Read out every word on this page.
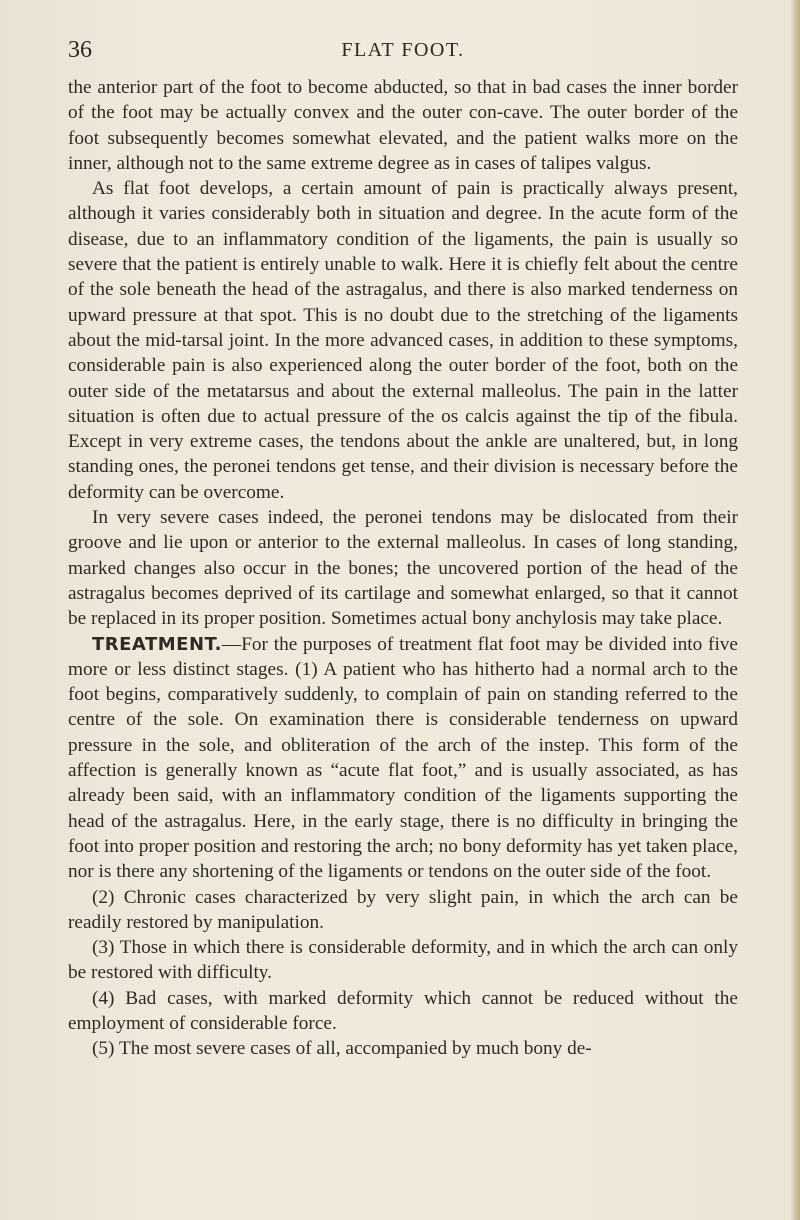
36	FLAT FOOT.

the anterior part of the foot to become abducted, so that in bad cases the inner border of the foot may be actually convex and the outer con-cave. The outer border of the foot subsequently becomes somewhat elevated, and the patient walks more on the inner, although not to the same extreme degree as in cases of talipes valgus.

As flat foot develops, a certain amount of pain is practically always present, although it varies considerably both in situation and degree. In the acute form of the disease, due to an inflammatory condition of the ligaments, the pain is usually so severe that the patient is entirely unable to walk. Here it is chiefly felt about the centre of the sole beneath the head of the astragalus, and there is also marked tenderness on upward pressure at that spot. This is no doubt due to the stretching of the ligaments about the mid-tarsal joint. In the more advanced cases, in addition to these symptoms, considerable pain is also experienced along the outer border of the foot, both on the outer side of the metatarsus and about the external malleolus. The pain in the latter situation is often due to actual pressure of the os calcis against the tip of the fibula. Except in very extreme cases, the tendons about the ankle are unaltered, but, in long standing ones, the peronei tendons get tense, and their division is necessary before the deformity can be overcome.

In very severe cases indeed, the peronei tendons may be dislocated from their groove and lie upon or anterior to the external malleolus. In cases of long standing, marked changes also occur in the bones; the uncovered portion of the head of the astragalus becomes deprived of its cartilage and somewhat enlarged, so that it cannot be replaced in its proper position. Sometimes actual bony anchylosis may take place.

TREATMENT.—For the purposes of treatment flat foot may be divided into five more or less distinct stages. (1) A patient who has hitherto had a normal arch to the foot begins, comparatively suddenly, to complain of pain on standing referred to the centre of the sole. On examination there is considerable tenderness on upward pressure in the sole, and obliteration of the arch of the instep. This form of the affection is generally known as “acute flat foot,” and is usually associated, as has already been said, with an inflammatory condition of the ligaments supporting the head of the astragalus. Here, in the early stage, there is no difficulty in bringing the foot into proper position and restoring the arch; no bony deformity has yet taken place, nor is there any shortening of the ligaments or tendons on the outer side of the foot.

(2) Chronic cases characterized by very slight pain, in which the arch can be readily restored by manipulation.

(3) Those in which there is considerable deformity, and in which the arch can only be restored with difficulty.

(4) Bad cases, with marked deformity which cannot be reduced without the employment of considerable force.

(5) The most severe cases of all, accompanied by much bony de-
